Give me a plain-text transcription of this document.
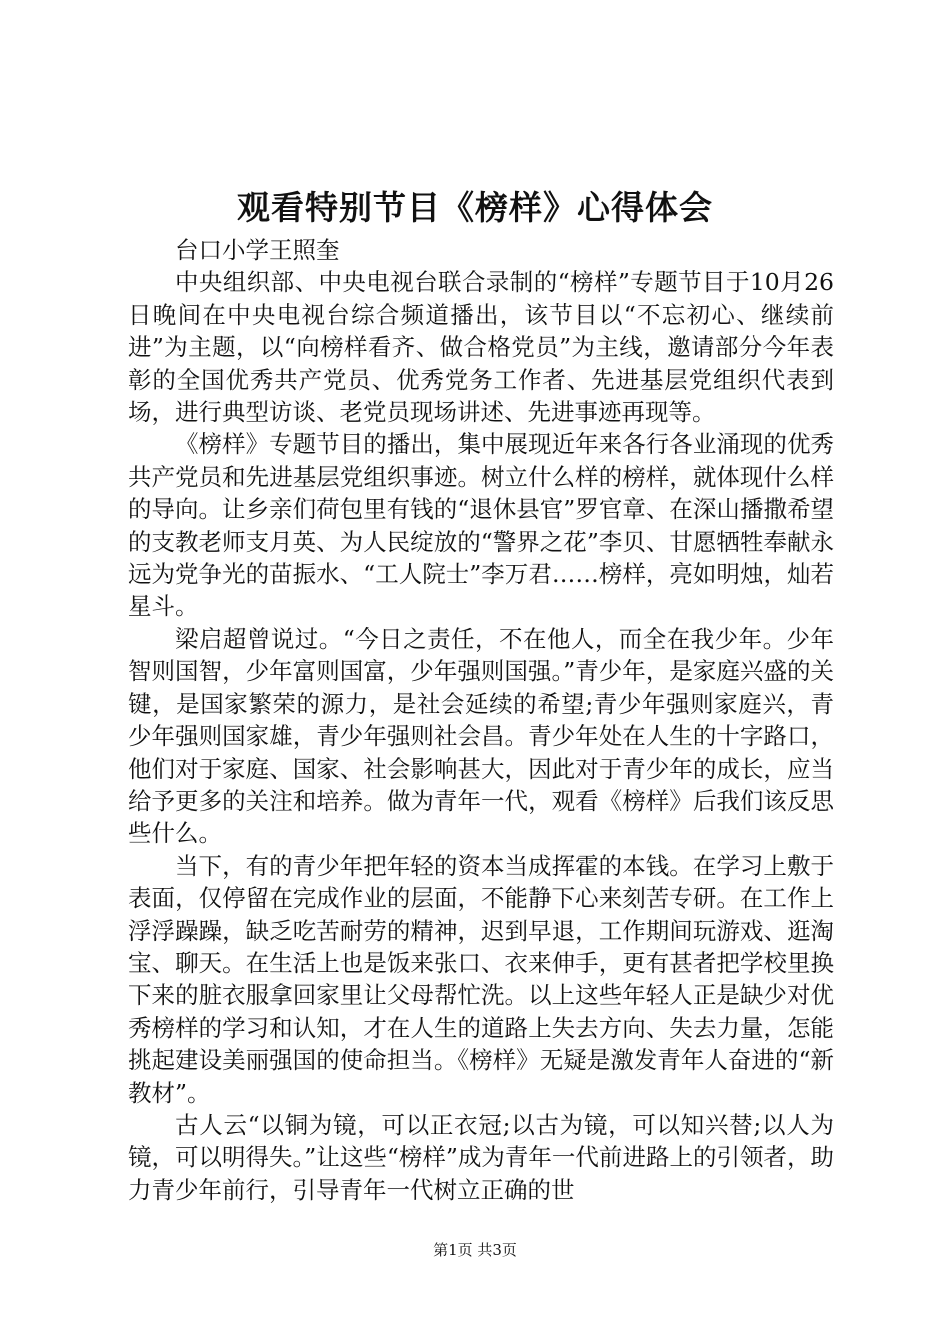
观看特别节目《榜样》心得体会

台口小学王照奎

中央组织部、中央电视台联合录制的“榜样”专题节目于10月26日晚间在中央电视台综合频道播出，该节目以“不忘初心、继续前进”为主题，以“向榜样看齐、做合格党员”为主线，邀请部分今年表彰的全国优秀共产党员、优秀党务工作者、先进基层党组织代表到场，进行典型访谈、老党员现场讲述、先进事迹再现等。

《榜样》专题节目的播出，集中展现近年来各行各业涌现的优秀共产党员和先进基层党组织事迹。树立什么样的榜样，就体现什么样的导向。让乡亲们荷包里有钱的“退休县官”罗官章、在深山播撒希望的支教老师支月英、为人民绽放的“警界之花”李贝、甘愿牺牲奉献永远为党争光的苗振水、“工人院士”李万君……榜样，亮如明烛，灿若星斗。

梁启超曾说过。“今日之责任，不在他人，而全在我少年。少年智则国智，少年富则国富，少年强则国强。”青少年，是家庭兴盛的关键，是国家繁荣的源力，是社会延续的希望;青少年强则家庭兴，青少年强则国家雄，青少年强则社会昌。青少年处在人生的十字路口，他们对于家庭、国家、社会影响甚大，因此对于青少年的成长，应当给予更多的关注和培养。做为青年一代，观看《榜样》后我们该反思些什么。

当下，有的青少年把年轻的资本当成挥霍的本钱。在学习上敷于表面，仅停留在完成作业的层面，不能静下心来刻苦专研。在工作上浮浮躁躁，缺乏吃苦耐劳的精神，迟到早退，工作期间玩游戏、逛淘宝、聊天。在生活上也是饭来张口、衣来伸手，更有甚者把学校里换下来的脏衣服拿回家里让父母帮忙洗。以上这些年轻人正是缺少对优秀榜样的学习和认知，才在人生的道路上失去方向、失去力量，怎能挑起建设美丽强国的使命担当。《榜样》无疑是激发青年人奋进的“新教材”。

古人云“以铜为镜，可以正衣冠;以古为镜，可以知兴替;以人为镜，可以明得失。”让这些“榜样”成为青年一代前进路上的引领者，助力青少年前行，引导青年一代树立正确的世

第1页 共3页
